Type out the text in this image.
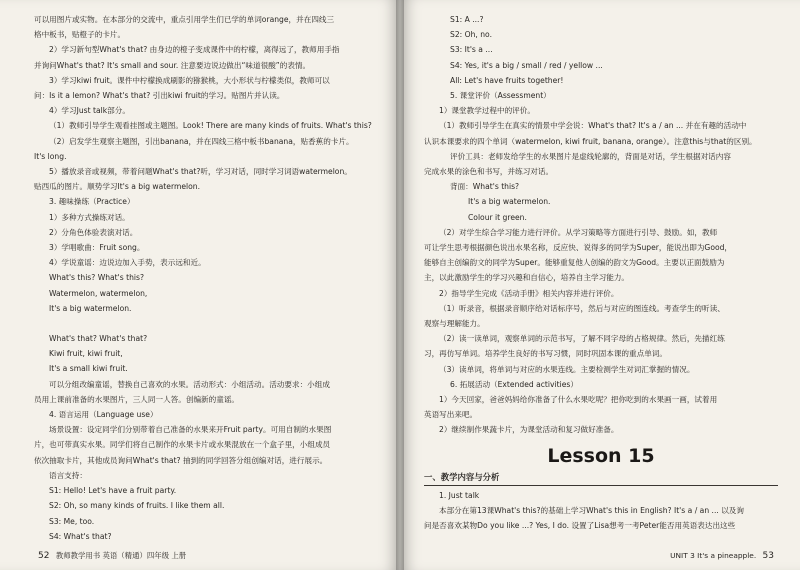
可以用图片或实物。在本部分的交流中，重点引用学生们已学的单词orange，并在四线三
格中板书，贴橙子的卡片。
2）学习新句型What's that? 由身边的橙子变成课件中的柠檬，离得远了，教师用手指
并询问What's that? It's small and sour. 注意要边说边做出“味道很酸”的表情。
3）学习kiwi fruit。课件中柠檬换成刷影的猕猴桃，大小形状与柠檬类似，教师可以
问：Is it a lemon? What's that? 引出kiwi fruit的学习。贴图片并认读。
4）学习Just talk部分。
（1）教师引导学生观看挂图或主题图。Look! There are many kinds of fruits. What's this?
（2）启发学生观察主题图，引出banana，并在四线三格中板书banana，贴香蕉的卡片。
It's long.
5）播放录音或视频，带着问题What's that?听，学习对话，同时学习词语watermelon。
贴西瓜的图片。顺势学习It's a big watermelon.
3. 趣味操练（Practice）
1）多种方式操练对话。
2）分角色体验表演对话。
3）学唱歌曲：Fruit song。
4）学说童谣：边说边加入手势，表示远和近。
What's this? What's this?
Watermelon, watermelon,
It's a big watermelon.
What's that? What's that?
Kiwi fruit, kiwi fruit,
It's a small kiwi fruit.
可以分组改编童谣，替换自己喜欢的水果。活动形式：小组活动。活动要求：小组成
员用上课前准备的水果图片，三人同一人答。创编新的童谣。
4. 语言运用（Language use）
场景设置：设定同学们分别带着自己准备的水果来开Fruit party。可用自制的水果图
片，也可带真实水果。同学们将自己制作的水果卡片或水果混放在一个盒子里，小组成员
依次抽取卡片，其他成员询问What's that? 抽到的同学回答分组创编对话，进行展示。
语言支持：
S1: Hello! Let's have a fruit party.
S2: Oh, so many kinds of fruits. I like them all.
S3: Me, too.
S4: What's that?
52 教师教学用书 英语（精通）四年级 上册
S1: A ...?
S2: Oh, no.
S3: It's a ...
S4: Yes, it's a big / small / red / yellow ...
All: Let's have fruits together!
5. 课堂评价（Assessment）
1）课堂教学过程中的评价。
（1）教师引导学生在真实的情景中学会说：What's that? It's a / an ... 并在有趣的活动中
认识本课要求的四个单词（watermelon, kiwi fruit, banana, orange）。注意this与that的区别。
评价工具：老师发给学生的水果图片是虚线轮廓的，背面是对话，学生根据对话内容
完成水果的涂色和书写，并练习对话。
背面：What's this?
It's a big watermelon.
Colour it green.
（2）对学生综合学习能力进行评价。从学习策略等方面进行引导、鼓励。如，教师
可让学生思考根据颜色说出水果名称，反应快、说得多的同学为Super，能说出即为Good，
能够自主创编韵文的同学为Super。能够重复他人创编的韵文为Good。主要以正面鼓励为
主，以此激励学生的学习兴趣和自信心，培养自主学习能力。
2）指导学生完成《活动手册》相关内容并进行评价。
（1）听录音，根据录音顺序给对话标序号，然后与对应的图连线。考查学生的听读、
观察与理解能力。
（2）读一读单词，观察单词的示范书写，了解不同字母的占格规律。然后，先描红练
习，再仿写单词。培养学生良好的书写习惯，同时巩固本课的重点单词。
（3）读单词，将单词与对应的水果连线。主要检测学生对词汇掌握的情况。
6. 拓展活动（Extended activities）
1）今天回家，爸爸妈妈给你准备了什么水果吃呢？把你吃到的水果画一画，试着用
英语写出来吧。
2）继续制作果蔬卡片，为课堂活动和复习做好准备。
Lesson 15
一、教学内容与分析
1. Just talk
本部分在第13课What's this?的基础上学习What's this in English? It's a / an ... 以及询
问是否喜欢某物Do you like ...? Yes, I do. 设置了Lisa想考一考Peter能否用英语表达出这些
UNIT 3 It's a pineapple. 53
